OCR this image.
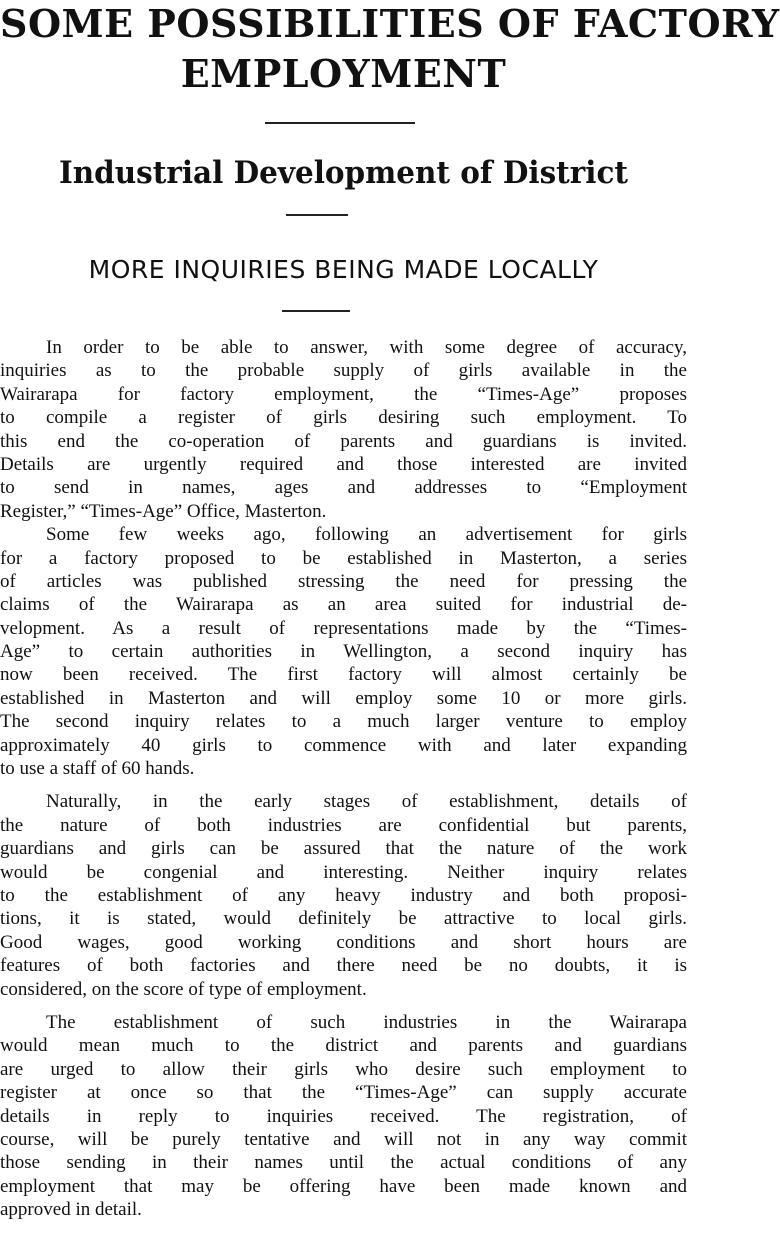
SOME POSSIBILITIES OF FACTORY
EMPLOYMENT
Industrial Development of District
MORE INQUIRIES BEING MADE LOCALLY

In order to be able to answer, with some degree of accuracy,
inquiries as to the probable supply of girls available in the
Wairarapa for factory employment, the “Times-Age” proposes
to compile a register of girls desiring such employment. To
this end the co-operation of parents and guardians is invited.
Details are urgently required and those interested are invited
to send in names, ages and addresses to “Employment
Register,” “Times-Age” Office, Masterton.

Some few weeks ago, following an advertisement for girls
for a factory proposed to be established in Masterton, a series
of articles was published stressing the need for pressing the
claims of the Wairarapa as an area suited for industrial de-
velopment. As a result of representations made by the “Times-
Age” to certain authorities in Wellington, a second inquiry has
now been received. The first factory will almost certainly be
established in Masterton and will employ some 10 or more girls.
The second inquiry relates to a much larger venture to employ
approximately 40 girls to commence with and later expanding
to use a staff of 60 hands.

Naturally, in the early stages of establishment, details of
the nature of both industries are confidential but parents,
guardians and girls can be assured that the nature of the work
would be congenial and interesting. Neither inquiry relates
to the establishment of any heavy industry and both proposi-
tions, it is stated, would definitely be attractive to local girls.
Good wages, good working conditions and short hours are
features of both factories and there need be no doubts, it is
considered, on the score of type of employment.

The establishment of such industries in the Wairarapa
would mean much to the district and parents and guardians
are urged to allow their girls who desire such employment to
register at once so that the “Times-Age” can supply accurate
details in reply to inquiries received. The registration, of
course, will be purely tentative and will not in any way commit
those sending in their names until the actual conditions of any
employment that may be offering have been made known and
approved in detail.
